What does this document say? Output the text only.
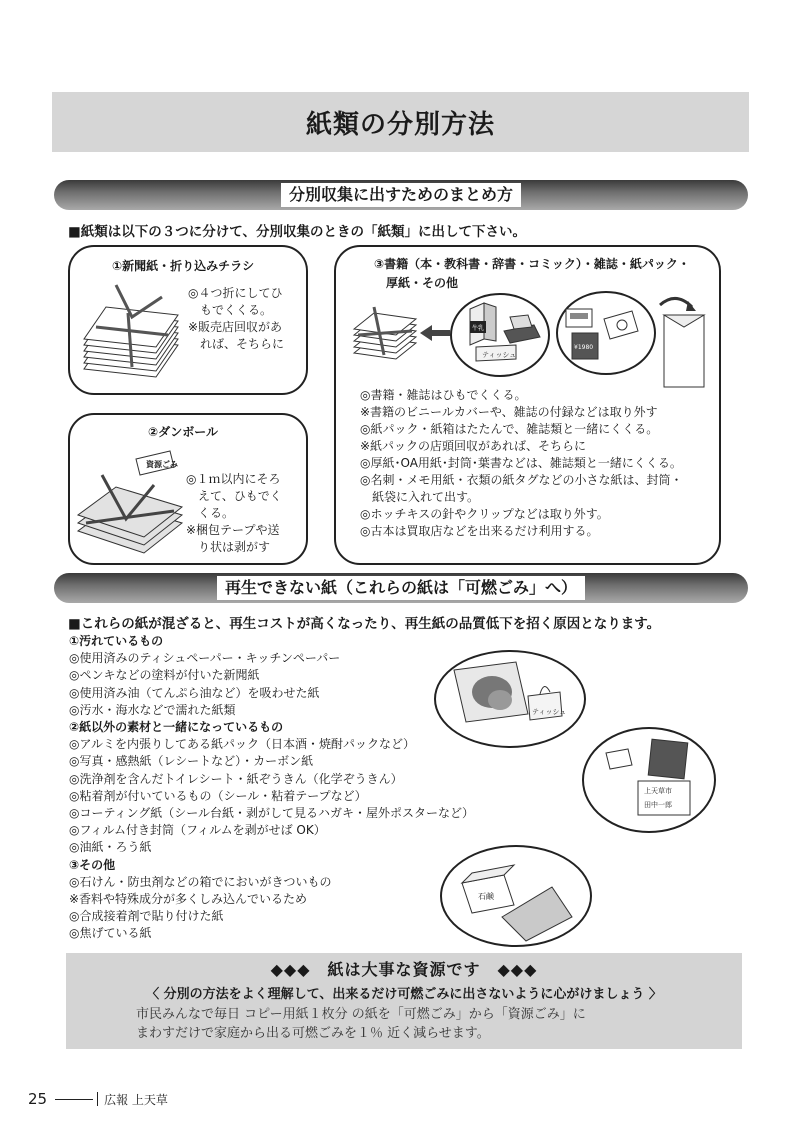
紙類の分別方法
分別収集に出すためのまとめ方
■紙類は以下の３つに分けて、分別収集のときの「紙類」に出して下さい。
①新聞紙・折り込みチラシ
◎４つ折にしてひ
　もでくくる。
※販売店回収があ
　れば、そちらに
②ダンボール
資源ごみ
◎１ｍ以内にそろ
　えて、ひもでく
　くる。
※梱包テープや送
　り状は剥がす
③書籍（本・教科書・辞書・コミック）・雑誌・紙パック・
　厚紙・その他
牛乳
ティッシュ
¥1980
◎書籍・雑誌はひもでくくる。
※書籍のビニールカバーや、雑誌の付録などは取り外す
◎紙パック・紙箱はたたんで、雑誌類と一緒にくくる。
※紙パックの店頭回収があれば、そちらに
◎厚紙･OA用紙･封筒･葉書などは、雑誌類と一緒にくくる。
◎名刺・メモ用紙・衣類の紙タグなどの小さな紙は、封筒・
　紙袋に入れて出す。
◎ホッチキスの針やクリップなどは取り外す。
◎古本は買取店などを出来るだけ利用する。
再生できない紙（これらの紙は「可燃ごみ」へ）
■これらの紙が混ざると、再生コストが高くなったり、再生紙の品質低下を招く原因となります。
①汚れているもの
◎使用済みのティシュペーパー・キッチンペーパー
◎ペンキなどの塗料が付いた新聞紙
◎使用済み油（てんぷら油など）を吸わせた紙
◎汚水・海水などで濡れた紙類
②紙以外の素材と一緒になっているもの
◎アルミを内張りしてある紙パック（日本酒・焼酎パックなど）
◎写真・感熱紙（レシートなど）・カーボン紙
◎洗浄剤を含んだトイレシート・紙ぞうきん（化学ぞうきん）
◎粘着剤が付いているもの（シール・粘着テープなど）
◎コーティング紙（シール台紙・剥がして見るハガキ・屋外ポスターなど）
◎フィルム付き封筒（フィルムを剥がせば OK）
◎油紙・ろう紙
③その他
◎石けん・防虫剤などの箱でにおいがきついもの
※香料や特殊成分が多くしみ込んでいるため
◎合成接着剤で貼り付けた紙
◎焦げている紙
ティッシュ
上天草市
田中一郎
石鹸
◆◆◆　紙は大事な資源です　◆◆◆
〈 分別の方法をよく理解して、出来るだけ可燃ごみに出さないように心がけましょう 〉
市民みんなで毎日 コピー用紙１枚分 の紙を「可燃ごみ」から「資源ごみ」に
まわすだけで家庭から出る可燃ごみを１％ 近く減らせます。
25	広報 上天草
